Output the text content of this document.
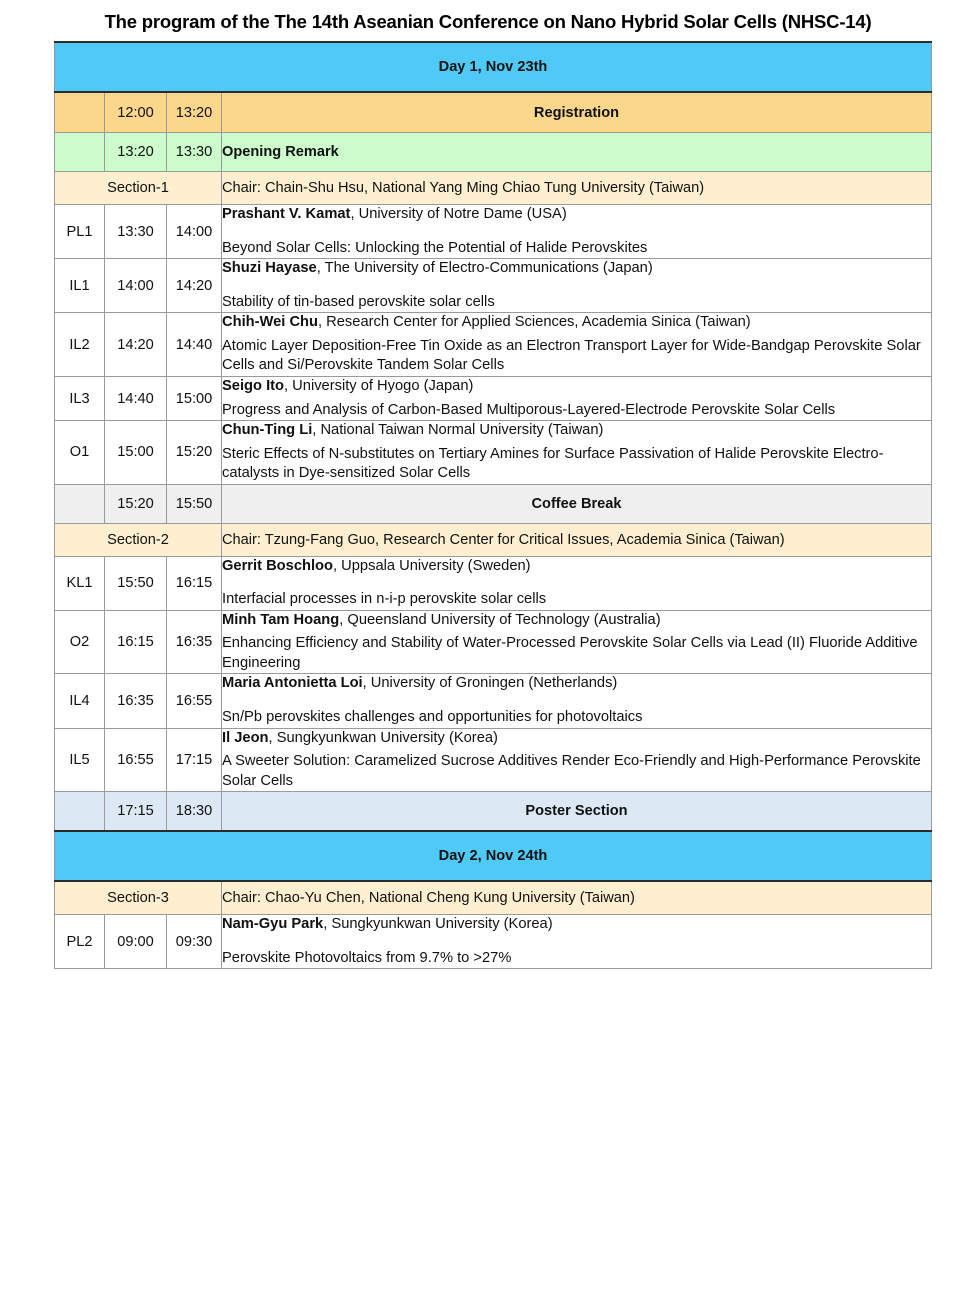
The program of the The 14th Aseanian Conference on Nano Hybrid Solar Cells (NHSC-14)
Day 1, Nov 23th			
	12:00	13:20	Registration
	13:20	13:30	Opening Remark
Section-1			Chair: Chain-Shu Hsu, National Yang Ming Chiao Tung University (Taiwan)
PL1	13:30	14:00	Prashant V. Kamat, University of Notre Dame (USA)
Beyond Solar Cells: Unlocking the Potential of Halide Perovskites

IL1	14:00	14:20	Shuzi Hayase, The University of Electro-Communications (Japan)
Stability of tin-based perovskite solar cells

IL2	14:20	14:40	Chih-Wei Chu, Research Center for Applied Sciences, Academia Sinica (Taiwan)
Atomic Layer Deposition-Free Tin Oxide as an Electron Transport Layer for Wide-Bandgap Perovskite Solar Cells and Si/Perovskite Tandem Solar Cells

IL3	14:40	15:00	Seigo Ito, University of Hyogo (Japan)
Progress and Analysis of Carbon-Based Multiporous-Layered-Electrode Perovskite Solar Cells

O1	15:00	15:20	Chun-Ting Li, National Taiwan Normal University (Taiwan)
Steric Effects of N-substitutes on Tertiary Amines for Surface Passivation of Halide Perovskite Electro-catalysts in Dye-sensitized Solar Cells

	15:20	15:50	Coffee Break
Section-2			Chair: Tzung-Fang Guo, Research Center for Critical Issues, Academia Sinica (Taiwan)
KL1	15:50	16:15	Gerrit Boschloo, Uppsala University (Sweden)
Interfacial processes in n-i-p perovskite solar cells

O2	16:15	16:35	Minh Tam Hoang, Queensland University of Technology (Australia)
Enhancing Efficiency and Stability of Water-Processed Perovskite Solar Cells via Lead (II) Fluoride Additive Engineering

IL4	16:35	16:55	Maria Antonietta Loi, University of Groningen (Netherlands)
Sn/Pb perovskites challenges and opportunities for photovoltaics

IL5	16:55	17:15	Il Jeon, Sungkyunkwan University (Korea)
A Sweeter Solution: Caramelized Sucrose Additives Render Eco-Friendly and High-Performance Perovskite Solar Cells

	17:15	18:30	Poster Section
Day 2, Nov 24th			
Section-3			Chair: Chao-Yu Chen, National Cheng Kung University (Taiwan)
PL2	09:00	09:30	Nam-Gyu Park, Sungkyunkwan University (Korea)
Perovskite Photovoltaics from 9.7% to >27%
